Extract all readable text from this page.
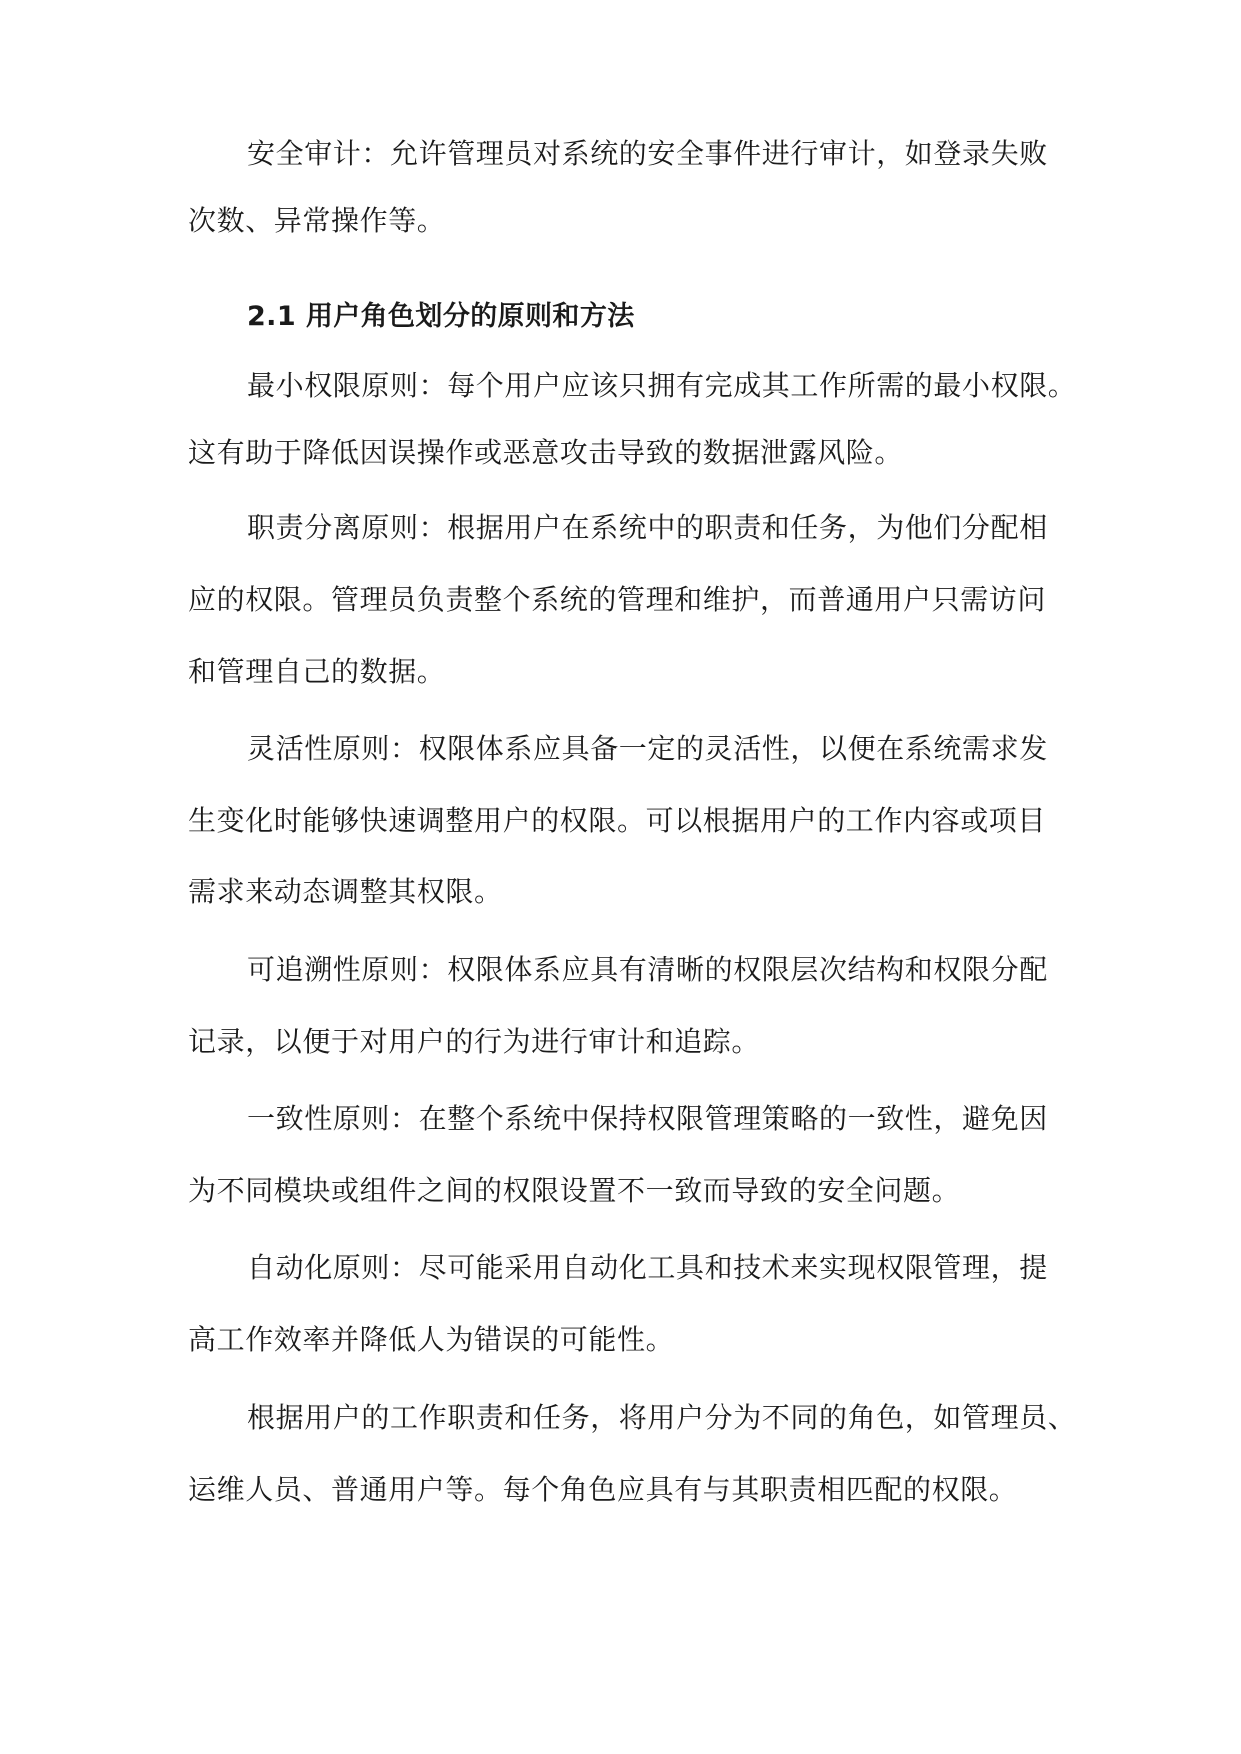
安全审计：允许管理员对系统的安全事件进行审计，如登录失败
次数、异常操作等。
2.1 用户角色划分的原则和方法
最小权限原则：每个用户应该只拥有完成其工作所需的最小权限。
这有助于降低因误操作或恶意攻击导致的数据泄露风险。
职责分离原则：根据用户在系统中的职责和任务，为他们分配相
应的权限。管理员负责整个系统的管理和维护，而普通用户只需访问
和管理自己的数据。
灵活性原则：权限体系应具备一定的灵活性，以便在系统需求发
生变化时能够快速调整用户的权限。可以根据用户的工作内容或项目
需求来动态调整其权限。
可追溯性原则：权限体系应具有清晰的权限层次结构和权限分配
记录，以便于对用户的行为进行审计和追踪。
一致性原则：在整个系统中保持权限管理策略的一致性，避免因
为不同模块或组件之间的权限设置不一致而导致的安全问题。
自动化原则：尽可能采用自动化工具和技术来实现权限管理，提
高工作效率并降低人为错误的可能性。
根据用户的工作职责和任务，将用户分为不同的角色，如管理员、
运维人员、普通用户等。每个角色应具有与其职责相匹配的权限。
